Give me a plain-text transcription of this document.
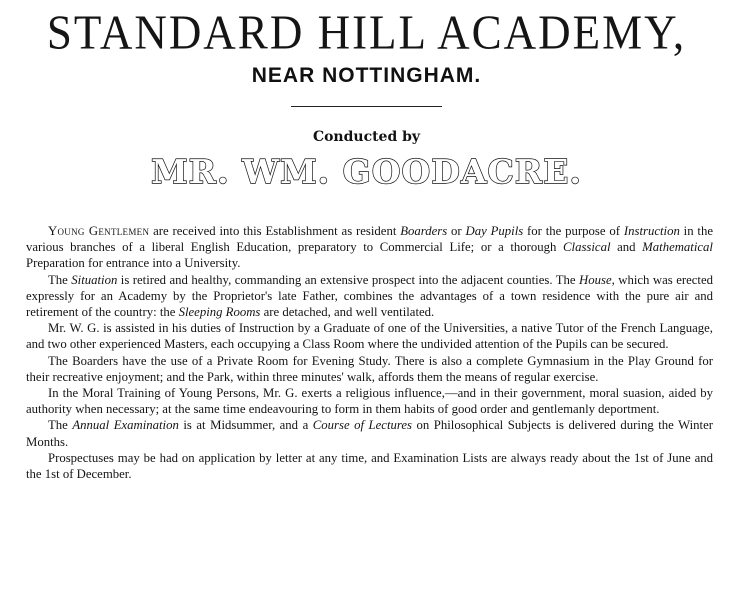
STANDARD HILL ACADEMY,
NEAR NOTTINGHAM.
Conducted by
MR. WM. GOODACRE.

Young Gentlemen are received into this Establishment as resident Boarders or Day Pupils for the purpose of Instruction in the various branches of a liberal English Education, preparatory to Commercial Life; or a thorough Classical and Mathematical Preparation for entrance into a University.

The Situation is retired and healthy, commanding an extensive prospect into the adjacent counties. The House, which was erected expressly for an Academy by the Proprietor's late Father, combines the advantages of a town residence with the pure air and retirement of the country: the Sleeping Rooms are detached, and well ventilated.

Mr. W. G. is assisted in his duties of Instruction by a Graduate of one of the Universities, a native Tutor of the French Language, and two other experienced Masters, each occupying a Class Room where the undivided attention of the Pupils can be secured.

The Boarders have the use of a Private Room for Evening Study. There is also a complete Gymnasium in the Play Ground for their recreative enjoyment; and the Park, within three minutes' walk, affords them the means of regular exercise.

In the Moral Training of Young Persons, Mr. G. exerts a religious influence,—and in their government, moral suasion, aided by authority when necessary; at the same time endeavouring to form in them habits of good order and gentlemanly deportment.

The Annual Examination is at Midsummer, and a Course of Lectures on Philosophical Subjects is delivered during the Winter Months.

Prospectuses may be had on application by letter at any time, and Examination Lists are always ready about the 1st of June and the 1st of December.
